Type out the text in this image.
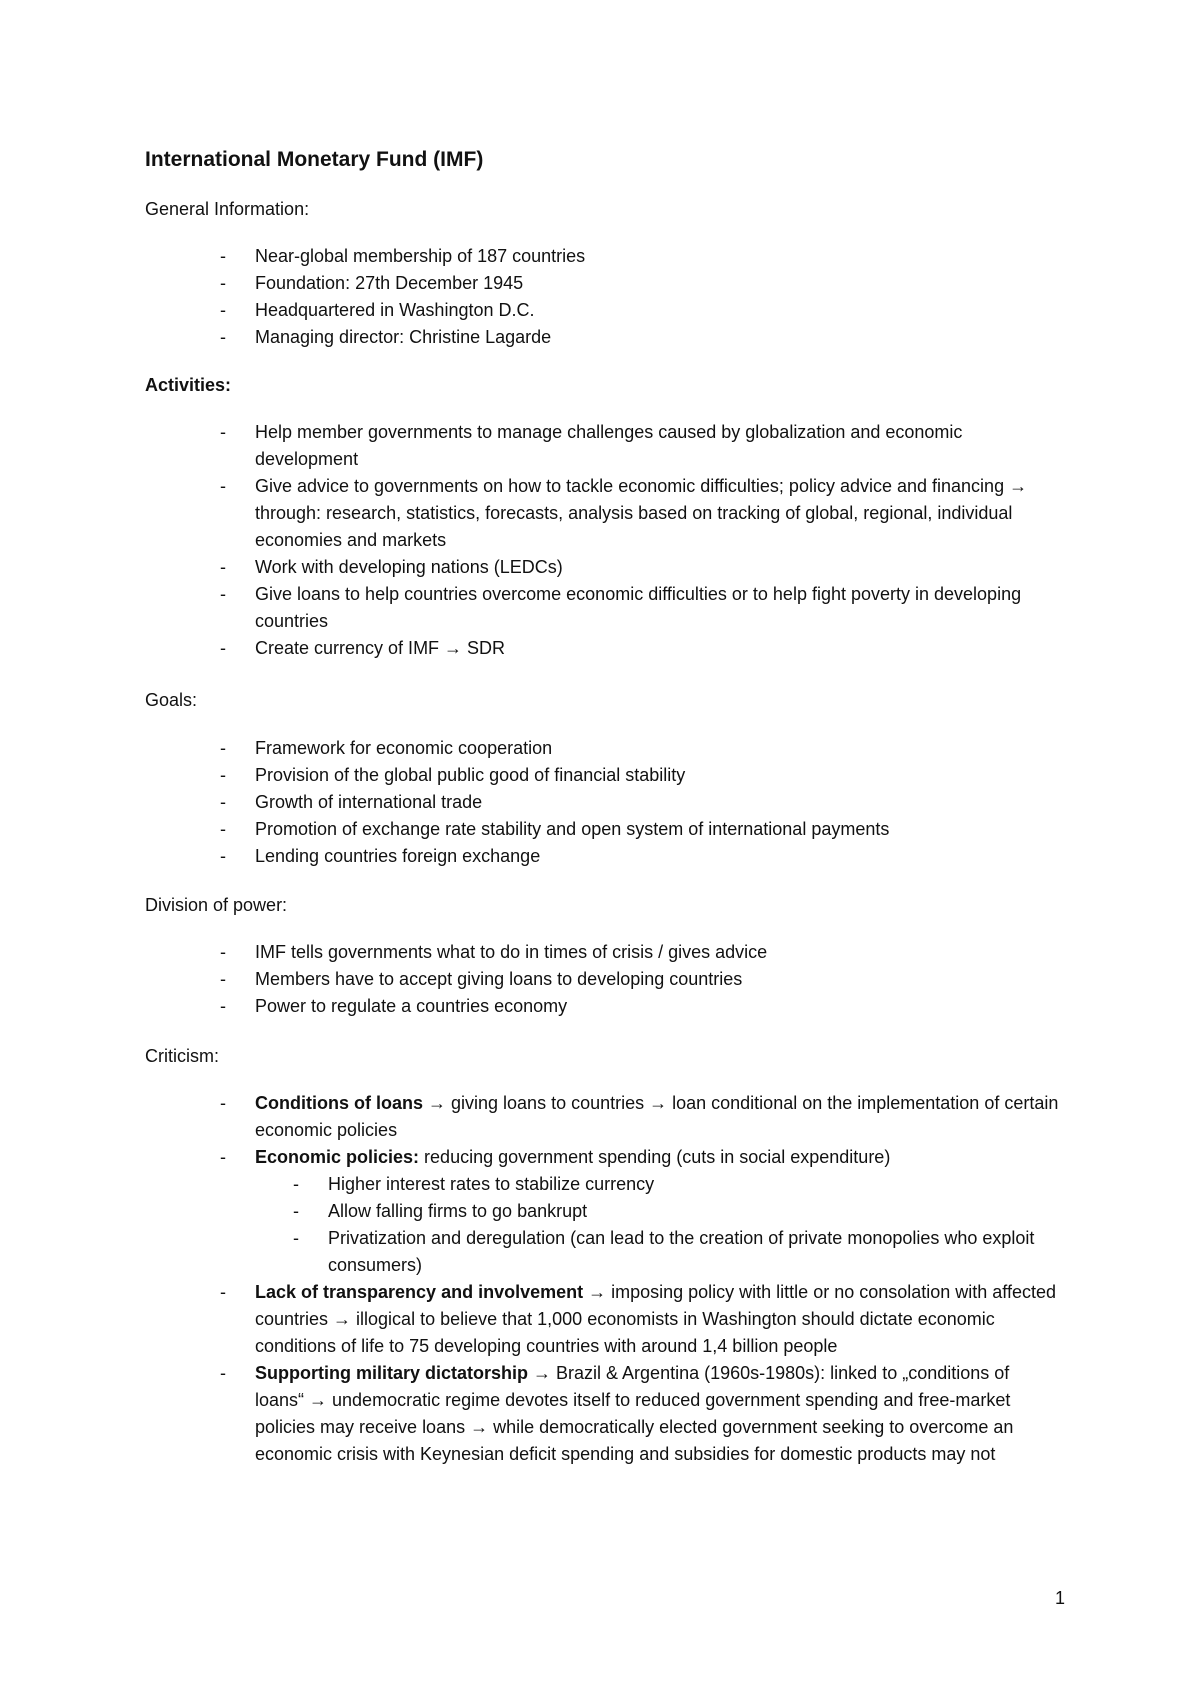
International Monetary Fund (IMF)
General Information:
- Near-global membership of 187 countries
- Foundation: 27th December 1945
- Headquartered in Washington D.C.
- Managing director: Christine Lagarde
Activities:
- Help member governments to manage challenges caused by globalization and economic development
- Give advice to governments on how to tackle economic difficulties; policy advice and financing → through: research, statistics, forecasts, analysis based on tracking of global, regional, individual economies and markets
- Work with developing nations (LEDCs)
- Give loans to help countries overcome economic difficulties or to help fight poverty in developing countries
- Create currency of IMF → SDR
Goals:
- Framework for economic cooperation
- Provision of the global public good of financial stability
- Growth of international trade
- Promotion of exchange rate stability and open system of international payments
- Lending countries foreign exchange
Division of power:
- IMF tells governments what to do in times of crisis / gives advice
- Members have to accept giving loans to developing countries
- Power to regulate a countries economy
Criticism:
- Conditions of loans → giving loans to countries → loan conditional on the implementation of certain economic policies
- Economic policies: reducing government spending (cuts in social expenditure)
- Higher interest rates to stabilize currency
- Allow falling firms to go bankrupt
- Privatization and deregulation (can lead to the creation of private monopolies who exploit consumers)
- Lack of transparency and involvement → imposing policy with little or no consolation with affected countries → illogical to believe that 1,000 economists in Washington should dictate economic conditions of life to 75 developing countries with around 1,4 billion people
- Supporting military dictatorship → Brazil & Argentina (1960s-1980s): linked to „conditions of loans“ → undemocratic regime devotes itself to reduced government spending and free-market policies may receive loans → while democratically elected government seeking to overcome an economic crisis with Keynesian deficit spending and subsidies for domestic products may not
1
